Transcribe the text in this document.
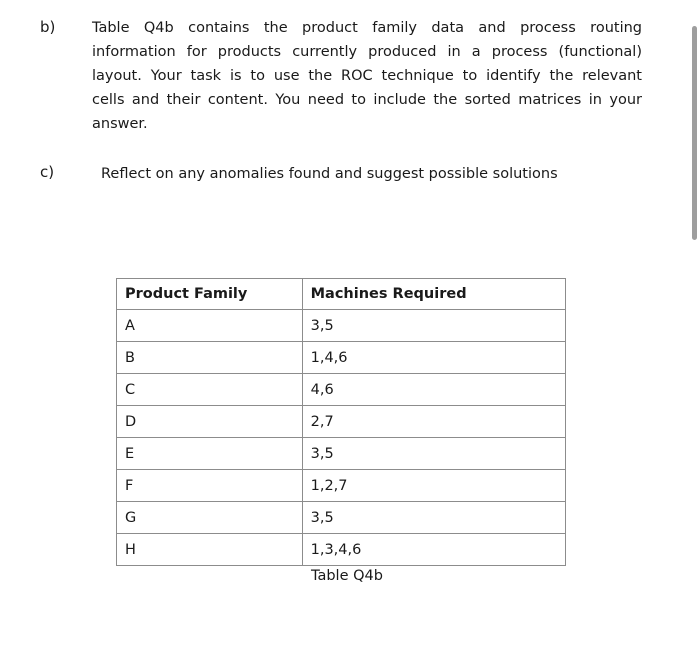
b)	Table Q4b contains the product family data and process routing
information for products currently produced in a process (functional)
layout. Your task is to use the ROC technique to identify the relevant
cells and their content. You need to include the sorted matrices in your
answer.
c)	Reflect on any anomalies found and suggest possible solutions
Product Family	Machines Required
A	3,5
B	1,4,6
C	4,6
D	2,7
E	3,5
F	1,2,7
G	3,5
H	1,3,4,6
Table Q4b
